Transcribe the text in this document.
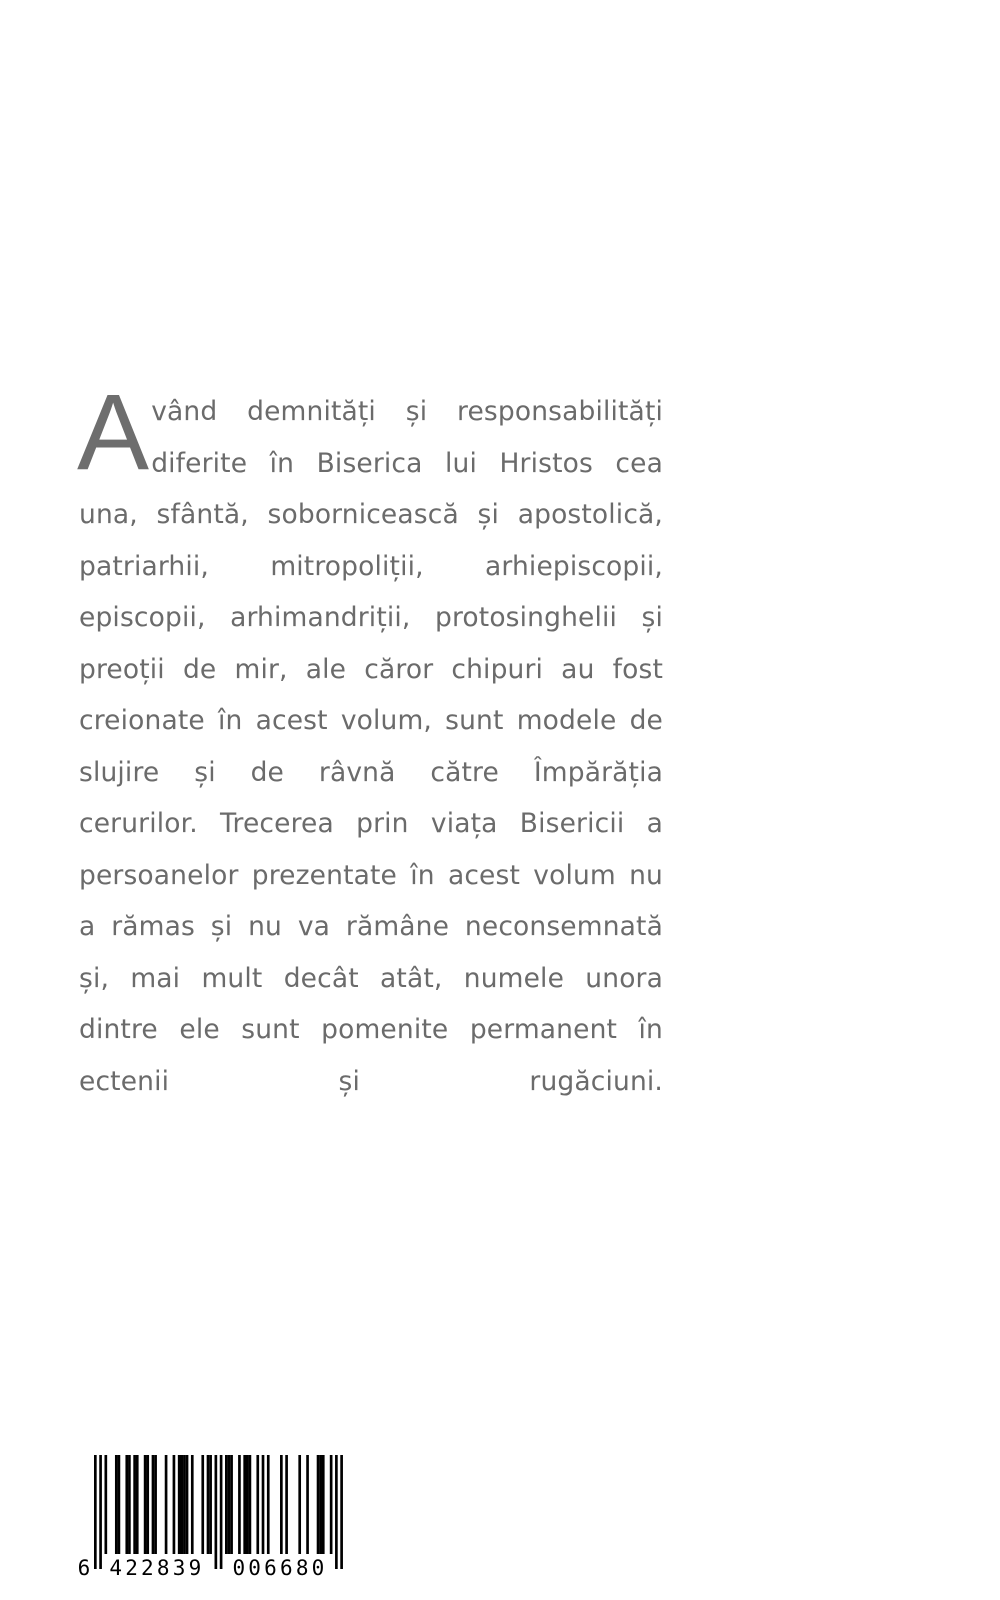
A vând demnități și responsabilități diferite în Biserica lui Hristos cea una, sfântă, sobornicească și apostolică, patriarhii, mitropoliții, arhiepiscopii, episcopii, arhimandriții, protosinghelii și preoții de mir, ale căror chipuri au fost creionate în acest volum, sunt modele de slujire și de râvnă către Împărăția cerurilor. Trecerea prin viața Bisericii a persoanelor prezentate în acest volum nu a rămas și nu va rămâne neconsemnată și, mai mult decât atât, numele unora dintre ele sunt pomenite permanent în ectenii și rugăciuni.
6 422839 006680
